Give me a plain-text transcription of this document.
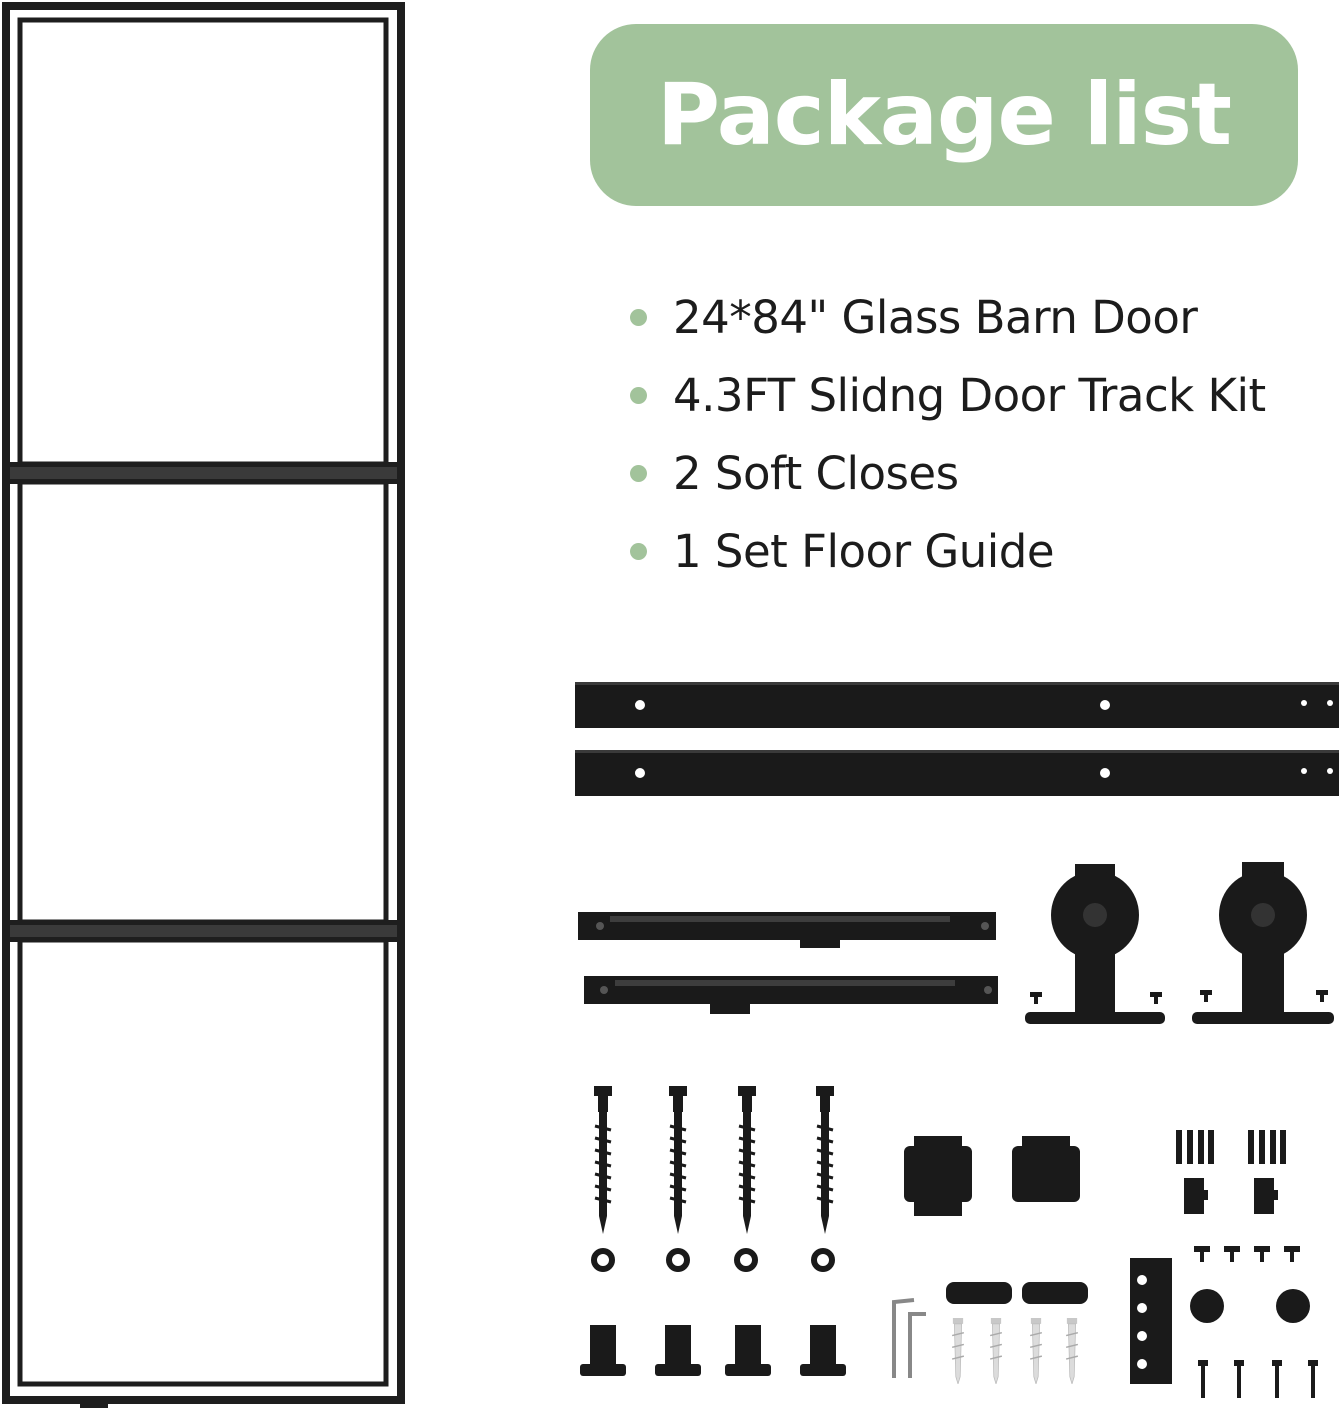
Package list
24*84" Glass Barn Door
4.3FT Slidng Door Track Kit
2 Soft Closes
1 Set Floor Guide
